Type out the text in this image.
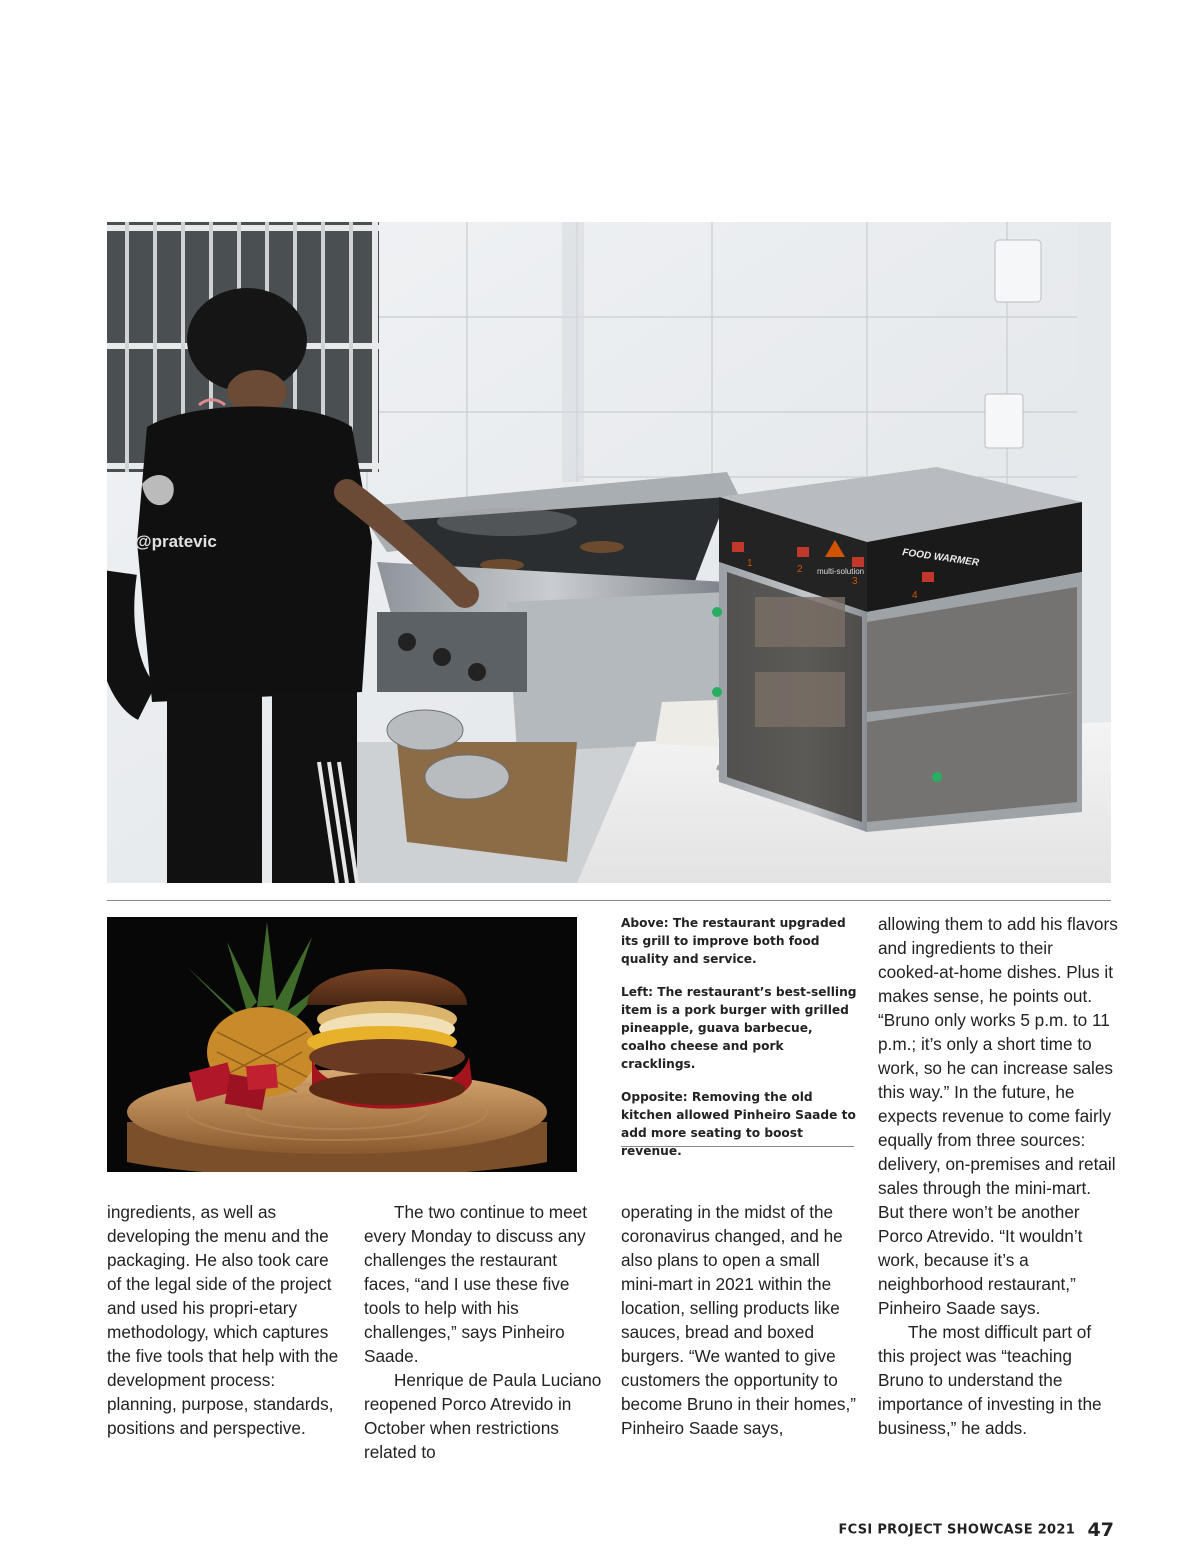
multi-solution
FOOD WARMER
1
2
3
4
@pratevic

Above: The restaurant upgraded its grill to improve both food quality and service.

Left: The restaurant’s best-selling item is a pork burger with grilled pineapple, guava barbecue, coalho cheese and pork cracklings.

Opposite: Removing the old kitchen allowed Pinheiro Saade to add more seating to boost revenue.

ingredients, as well as developing the menu and the packaging. He also took care of the legal side of the project and used his propri-etary methodology, which captures the five tools that help with the development process: planning, purpose, standards, positions and perspective.

The two continue to meet every Monday to discuss any challenges the restaurant faces, “and I use these five tools to help with his challenges,” says Pinheiro Saade.

Henrique de Paula Luciano reopened Porco Atrevido in October when restrictions related to

operating in the midst of the coronavirus changed, and he also plans to open a small mini-mart in 2021 within the location, selling products like sauces, bread and boxed burgers. “We wanted to give customers the opportunity to become Bruno in their homes,” Pinheiro Saade says,

allowing them to add his flavors and ingredients to their cooked-at-home dishes. Plus it makes sense, he points out. “Bruno only works 5 p.m. to 11 p.m.; it’s only a short time to work, so he can increase sales this way.” In the future, he expects revenue to come fairly equally from three sources: delivery, on-premises and retail sales through the mini-mart. But there won’t be another Porco Atrevido. “It wouldn’t work, because it’s a neighborhood restaurant,” Pinheiro Saade says.

The most difficult part of this project was “teaching Bruno to understand the importance of investing in the business,” he adds.

FCSI PROJECT SHOWCASE 2021 47
